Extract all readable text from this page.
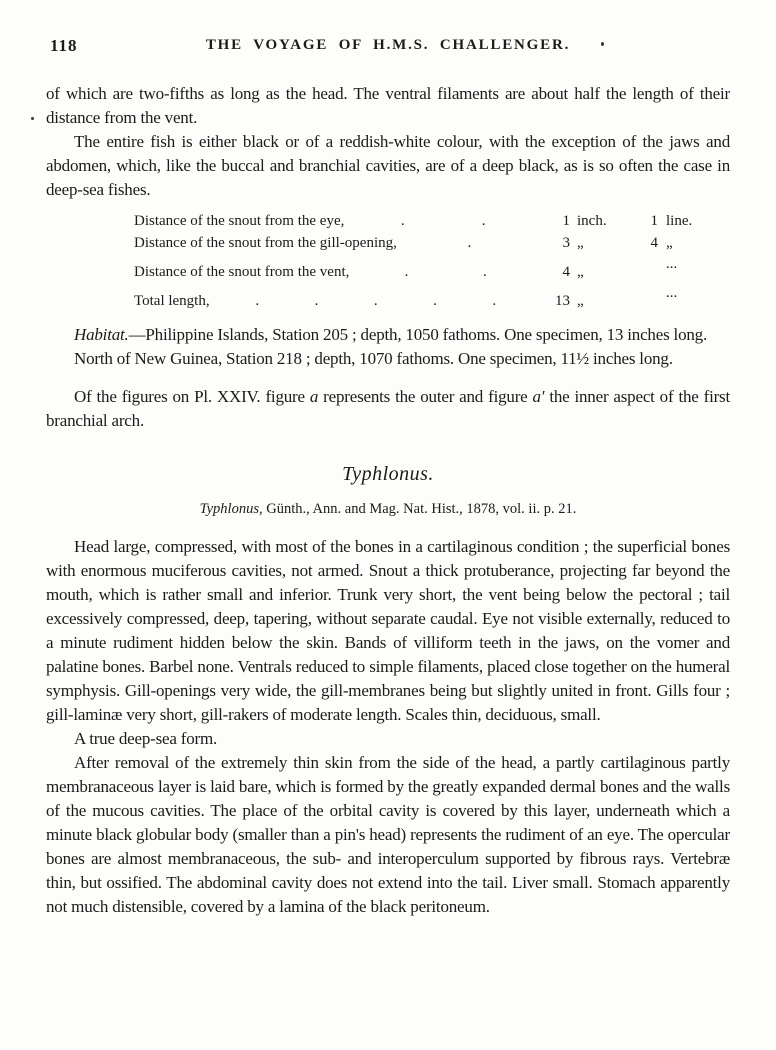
118	THE VOYAGE OF H.M.S. CHALLENGER.

of which are two-fifths as long as the head. The ventral filaments are about half the length of their distance from the vent.

The entire fish is either black or of a reddish-white colour, with the exception of the jaws and abdomen, which, like the buccal and branchial cavities, are of a deep black, as is so often the case in deep-sea fishes.

Distance of the snout from the eye,	.	.	1 inch.	1 line.
Distance of the snout from the gill-opening,	.	3 „	4 „
Distance of the snout from the vent,	.	.	4 „	...
Total length,	.	.	.	.	.	13 „	...

Habitat.—Philippine Islands, Station 205 ; depth, 1050 fathoms. One specimen, 13 inches long.

North of New Guinea, Station 218 ; depth, 1070 fathoms. One specimen, 11½ inches long.

Of the figures on Pl. XXIV. figure a represents the outer and figure a′ the inner aspect of the first branchial arch.

Typhlonus.

Typhlonus, Günth., Ann. and Mag. Nat. Hist., 1878, vol. ii. p. 21.

Head large, compressed, with most of the bones in a cartilaginous condition ; the superficial bones with enormous muciferous cavities, not armed. Snout a thick protuberance, projecting far beyond the mouth, which is rather small and inferior. Trunk very short, the vent being below the pectoral ; tail excessively compressed, deep, tapering, without separate caudal. Eye not visible externally, reduced to a minute rudiment hidden below the skin. Bands of villiform teeth in the jaws, on the vomer and palatine bones. Barbel none. Ventrals reduced to simple filaments, placed close together on the humeral symphysis. Gill-openings very wide, the gill-membranes being but slightly united in front. Gills four ; gill-laminæ very short, gill-rakers of moderate length. Scales thin, deciduous, small.

A true deep-sea form.

After removal of the extremely thin skin from the side of the head, a partly cartilaginous partly membranaceous layer is laid bare, which is formed by the greatly expanded dermal bones and the walls of the mucous cavities. The place of the orbital cavity is covered by this layer, underneath which a minute black globular body (smaller than a pin's head) represents the rudiment of an eye. The opercular bones are almost membranaceous, the sub- and interoperculum supported by fibrous rays. Vertebræ thin, but ossified. The abdominal cavity does not extend into the tail. Liver small. Stomach apparently not much distensible, covered by a lamina of the black peritoneum.
